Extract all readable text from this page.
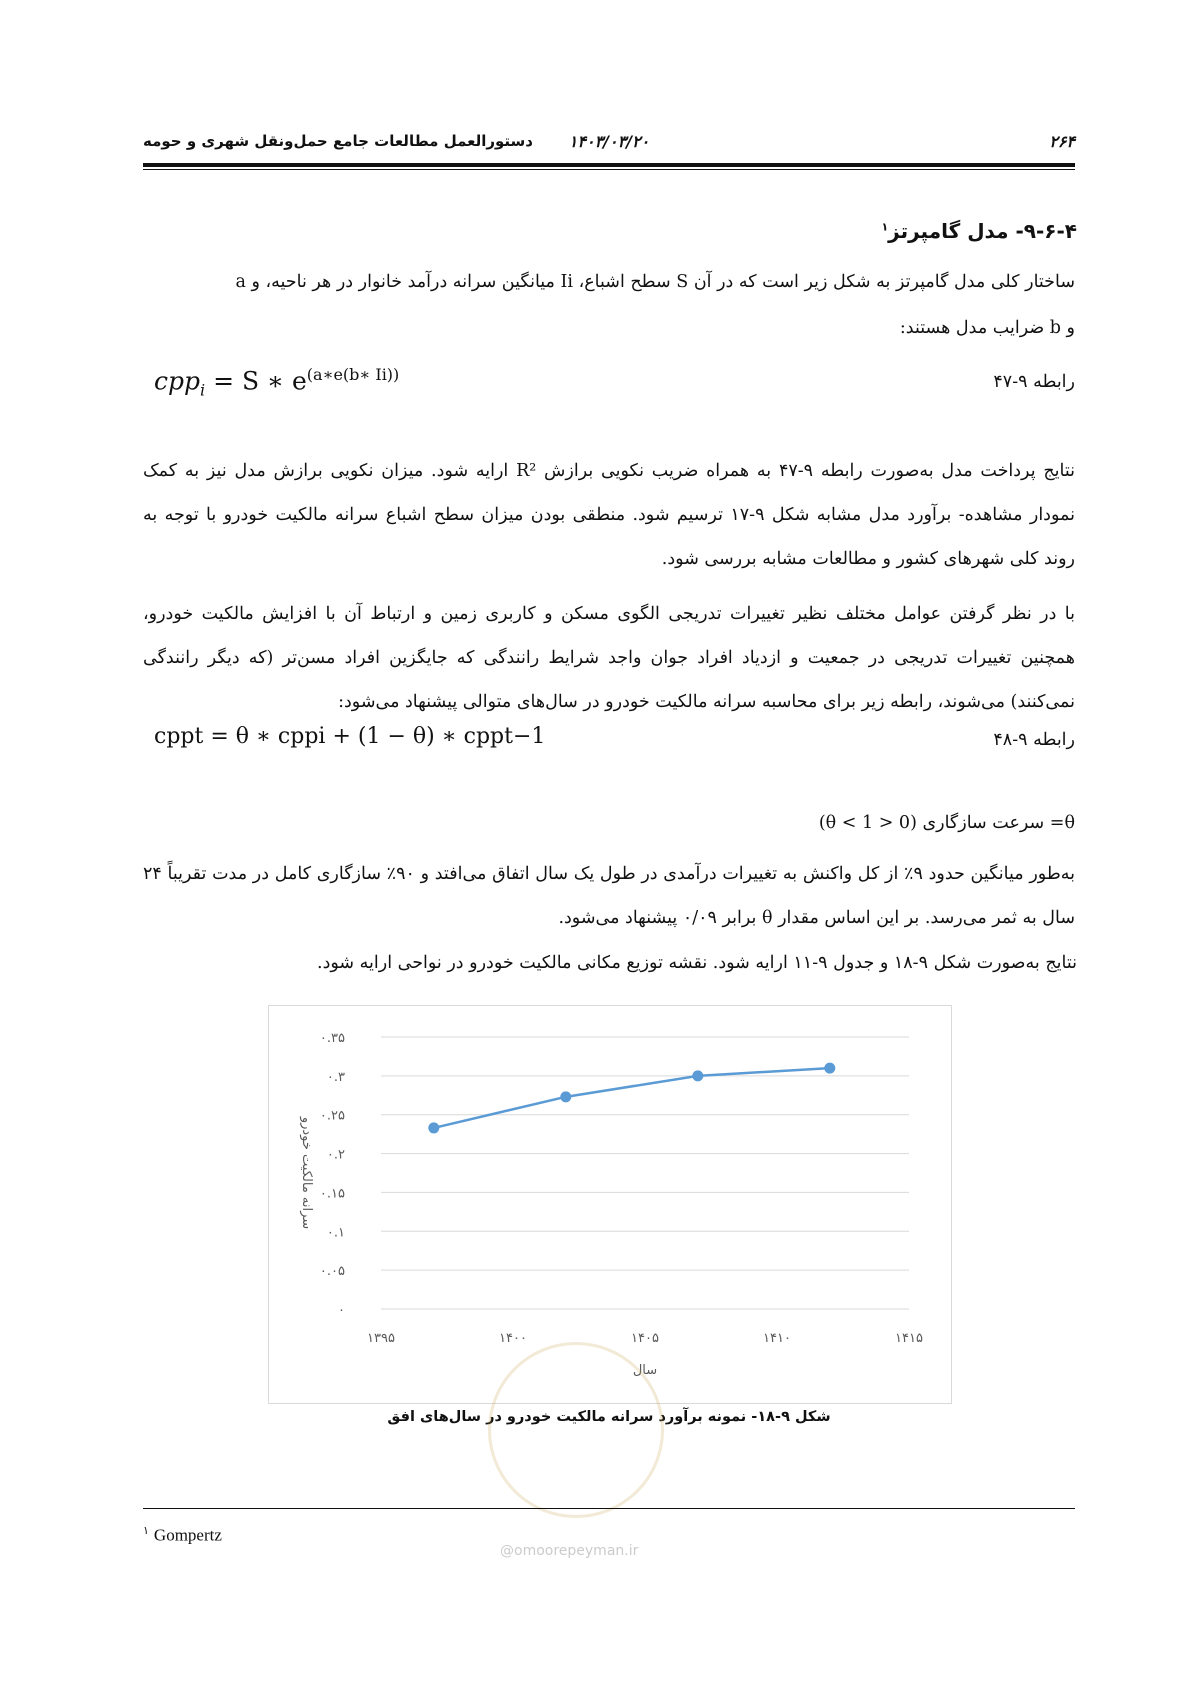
۲۶۴
۱۴۰۳/۰۳/۲۰
دستورالعمل مطالعات جامع حمل‌ونقل شهری و حومه
۹-۶-۴- مدل گامپرتز$^۱$
ساختار کلی مدل گامپرتز به شکل زیر است که در آن S سطح اشباع، Ii میانگین سرانه درآمد خانوار در هر ناحیه، و a
و b ضرایب مدل هستند:
cpp$_i$ = S ∗ $e^{(a∗e(b∗ Ii))}$	رابطه ۹-۴۷
نتایج پرداخت مدل به‌صورت رابطه ۹-۴۷ به همراه ضریب نکویی برازش R² ارایه شود. میزان نکویی برازش مدل نیز به کمک نمودار مشاهده- برآورد مدل مشابه شکل ۹-۱۷ ترسیم شود. منطقی بودن میزان سطح اشباع سرانه مالکیت خودرو با توجه به روند کلی شهرهای کشور و مطالعات مشابه بررسی شود.
با در نظر گرفتن عوامل مختلف نظیر تغییرات تدریجی الگوی مسکن و کاربری زمین و ارتباط آن با افزایش مالکیت خودرو، همچنین تغییرات تدریجی در جمعیت و ازدیاد افراد جوان واجد شرایط رانندگی که جایگزین افراد مسن‌تر (که دیگر رانندگی نمی‌کنند) می‌شوند، رابطه زیر برای محاسبه سرانه مالکیت خودرو در سال‌های متوالی پیشنهاد می‌شود:
cppt = θ ∗ cppi + (1 − θ) ∗ cppt−1	رابطه ۹-۴۸
θ= سرعت سازگاری (0 < θ < 1)
به‌طور میانگین حدود ۹٪ از کل واکنش به تغییرات درآمدی در طول یک سال اتفاق می‌افتد و ۹۰٪ سازگاری کامل در مدت تقریباً ۲۴ سال به ثمر می‌رسد. بر این اساس مقدار θ برابر ۰/۰۹ پیشنهاد می‌شود.
نتایج به‌صورت شکل ۹-۱۸ و جدول ۹-۱۱ ارایه شود. نقشه توزیع مکانی مالکیت خودرو در نواحی ارایه شود.
۰
۰.۰۵
۰.۱
۰.۱۵
۰.۲
۰.۲۵
۰.۳
۰.۳۵
۱۳۹۵	۱۴۰۰	۱۴۰۵	۱۴۱۰	۱۴۱۵
سال
سرانه مالکیت خودرو
شکل ۹-۱۸- نمونه برآورد سرانه مالکیت خودرو در سال‌های افق
@omoorepeyman.ir
$^۱$ Gompertz
